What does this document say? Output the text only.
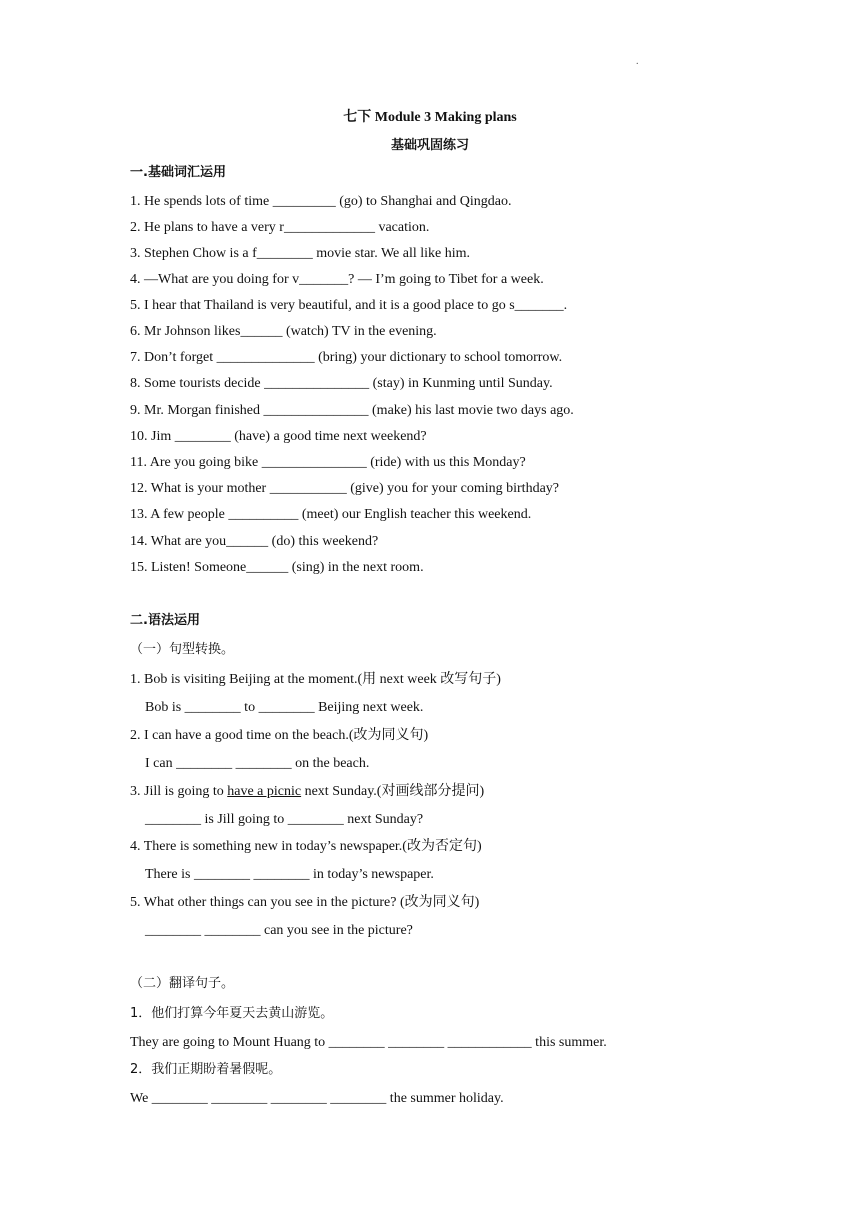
.
七下 Module 3 Making plans
基础巩固练习
一.基础词汇运用
1. He spends lots of time _________ (go) to Shanghai and Qingdao.
2. He plans to have a very r_____________ vacation.
3. Stephen Chow is a f________ movie star. We all like him.
4. —What are you doing for v_______? — I’m going to Tibet for a week.
5. I hear that Thailand is very beautiful, and it is a good place to go s_______.
6. Mr Johnson likes______ (watch) TV in the evening.
7. Don’t forget ______________ (bring) your dictionary to school tomorrow.
8. Some tourists decide _______________ (stay) in Kunming until Sunday.
9. Mr. Morgan finished _______________ (make) his last movie two days ago.
10. Jim ________ (have) a good time next weekend?
11. Are you going bike _______________ (ride) with us this Monday?
12. What is your mother ___________ (give) you for your coming birthday?
13. A few people __________ (meet) our English teacher this weekend.
14. What are you______ (do) this weekend?
15. Listen! Someone______ (sing) in the next room.
二.语法运用
（一）句型转换。
1. Bob is visiting Beijing at the moment.(用 next week 改写句子)
Bob is ________ to ________ Beijing next week.
2. I can have a good time on the beach.(改为同义句)
I can ________ ________ on the beach.
3. Jill is going to have a picnic next Sunday.(对画线部分提问)
________ is Jill going to ________ next Sunday?
4. There is something new in today’s newspaper.(改为否定句)
There is ________ ________ in today’s newspaper.
5. What other things can you see in the picture? (改为同义句)
________ ________ can you see in the picture?
（二）翻译句子。
1．他们打算今年夏天去黄山游览。
They are going to Mount Huang to ________ ________ ____________ this summer.
2．我们正期盼着暑假呢。
We ________ ________ ________ ________ the summer holiday.
